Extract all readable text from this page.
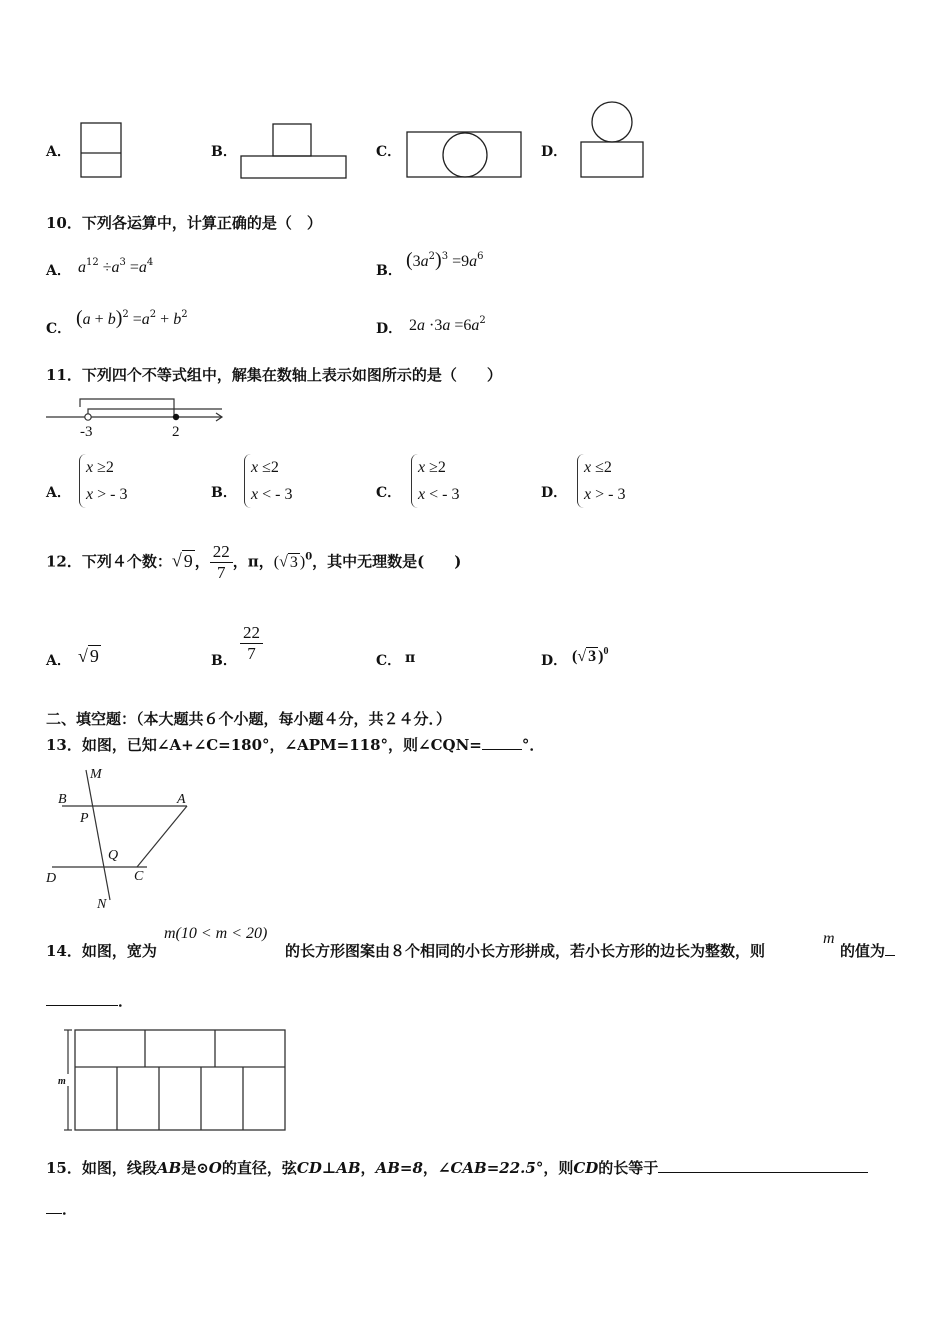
A．	B．	C．	D．
10．下列各运算中，计算正确的是（　）
A． $a^{12} \div a^3 =a^4$
B． $(3a^2)^3 =9a^6$
C． $(a + b)^2 =a^2 + b^2$
D． $2a \cdot 3a =6a^2$
11．下列四个不等式组中，解集在数轴上表示如图所示的是（　　）
-3	2
A．
x ≥2
x > - 3	B．
x ≤2
x < - 3	C．
x ≥2
x < - 3	D．
x ≤2
x > - 3
12．下列４个数：√ 9 ， $\frac{22}{7}$ ，π，(√ 3 )$^0$，其中无理数是(　　)
A． √ 9	B． $\frac{22}{7}$	C． π	D． (√ 3 )$^0$
二、填空题：（本大题共６个小题，每小题４分，共２４分．）
13．如图，已知∠A+∠C=180°，∠APM=118°，则∠CQN=	°．
M
B	A
P
Q
D	C
N
14．如图，宽为
m(10 < m < 20)
的长方形图案由８个相同的小长方形拼成，若小长方形的边长为整数，则
m
的值为
．
m
15．如图，线段AB是⊙O的直径，弦CD⊥AB，AB=8，∠CAB=22.5°，则CD的长等于
．
